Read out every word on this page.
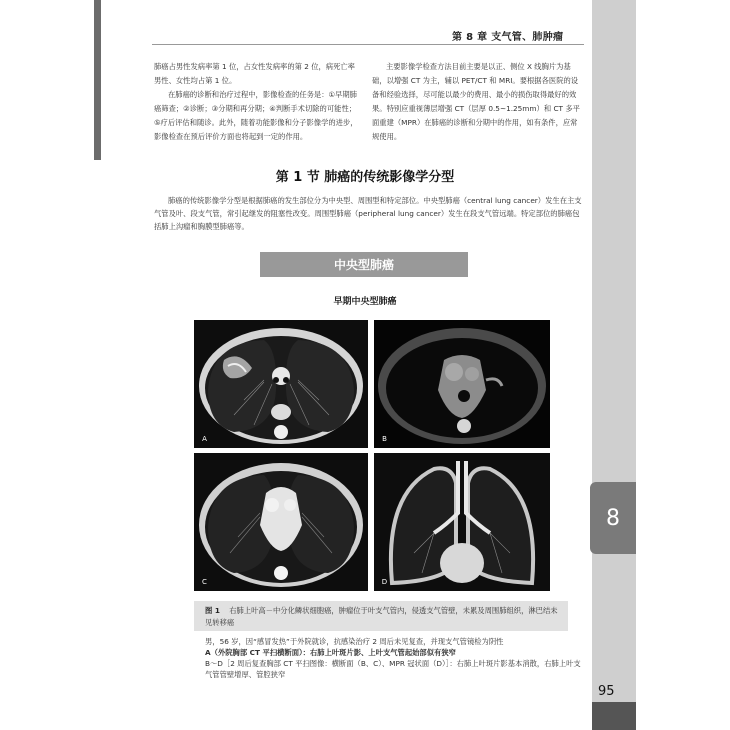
8
95
第 8 章 支气管、肺肿瘤

肺癌占男性发病率第 1 位，占女性发病率的第 2 位，病死亡率男性、女性均占第 1 位。

在肺癌的诊断和治疗过程中，影像检查的任务是：①早期肺癌筛查；②诊断；③分期和再分期；④判断手术切除的可能性；⑤疗后评估和随诊。此外，随着功能影像和分子影像学的进步，影像检查在预后评价方面也将起到一定的作用。

主要影像学检查方法目前主要是以正、侧位 X 线胸片为基础，以增强 CT 为主，辅以 PET/CT 和 MRI。要根据各医院的设备和经验选择，尽可能以最少的费用、最小的损伤取得最好的效果。特别应重视薄层增强 CT（层厚 0.5~1.25mm）和 CT 多平面重建（MPR）在肺癌的诊断和分期中的作用，如有条件，应常规使用。

第 1 节 肺癌的传统影像学分型

肺癌的传统影像学分型是根据肺癌的发生部位分为中央型、周围型和特定部位。中央型肺癌（central lung cancer）发生在主支气管及叶、段支气管，常引起继发的阻塞性改变。周围型肺癌（peripheral lung cancer）发生在段支气管远端。特定部位的肺癌包括肺上沟瘤和胸膜型肺癌等。

中央型肺癌
早期中央型肺癌
A	B
C	D
图 1 右肺上叶高－中分化鳞状细胞癌，肿瘤位于叶支气管内，侵透支气管壁，未累及周围肺组织，淋巴结未见转移癌
男，56 岁，因“感冒发热”于外院就诊，抗感染治疗 2 周后未见复查，并现支气管镜检为阴性
A（外院胸部 CT 平扫横断面）：右肺上叶斑片影、上叶支气管起始部似有狭窄
B～D［2 周后复查胸部 CT 平扫图像：横断面（B、C）、MPR 冠状面（D）］：右肺上叶斑片影基本消散，右肺上叶支气管管壁增厚、管腔狭窄
